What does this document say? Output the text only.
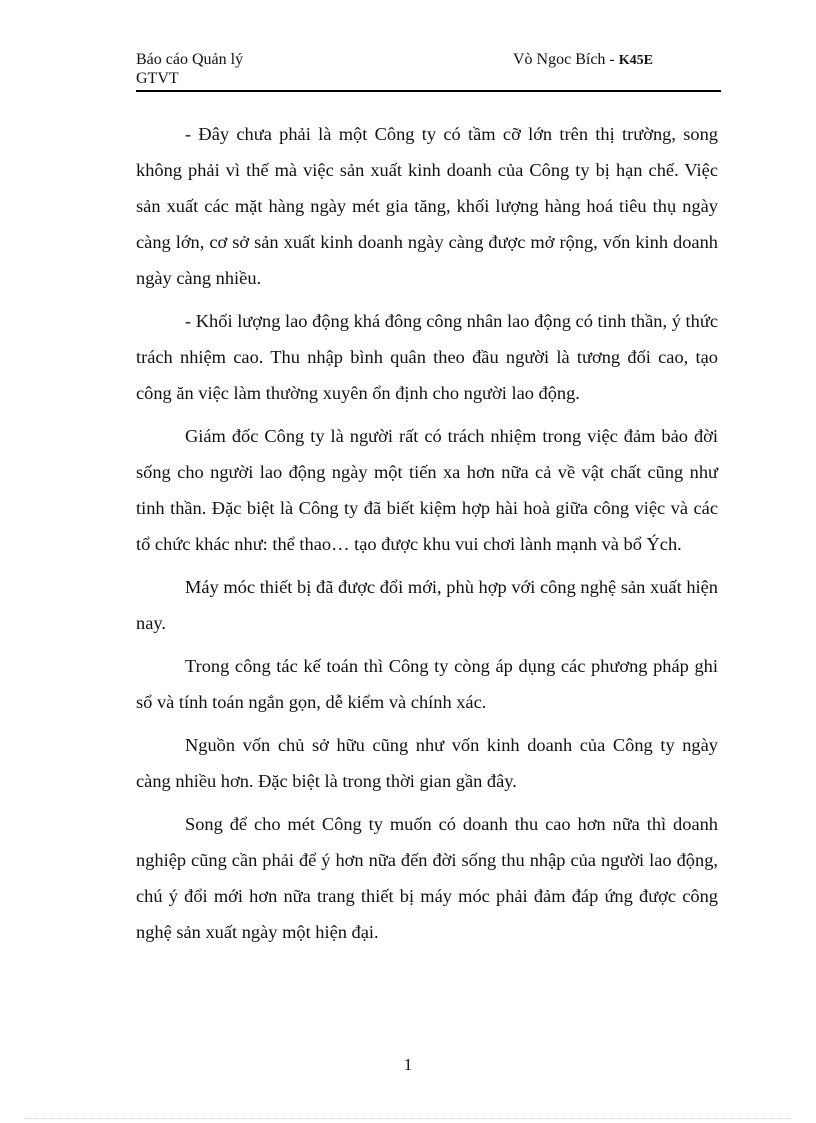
Báo cáo Quản lý
GTVT
Vò Ngoc Bích - K45E

- Đây chưa phải là một Công ty có tầm cỡ lớn trên thị trường, song không phải vì thế mà việc sản xuất kinh doanh của Công ty bị hạn chế. Việc sản xuất các mặt hàng ngày mét gia tăng, khối lượng hàng hoá tiêu thụ ngày càng lớn, cơ sở sản xuất kinh doanh ngày càng được mở rộng, vốn kinh doanh ngày càng nhiều.

- Khối lượng lao động khá đông công nhân lao động có tinh thần, ý thức trách nhiệm cao. Thu nhập bình quân theo đầu người là tương đối cao, tạo công ăn việc làm thường xuyên ổn định cho người lao động.

Giám đốc Công ty là người rất có trách nhiệm trong việc đảm bảo đời sống cho người lao động ngày một tiến xa hơn nữa cả về vật chất cũng như tinh thần. Đặc biệt là Công ty đã biết kiệm hợp hài hoà giữa công việc và các tổ chức khác như: thể thao… tạo được khu vui chơi lành mạnh và bổ Ých.

Máy móc thiết bị đã được đổi mới, phù hợp với công nghệ sản xuất hiện nay.

Trong công tác kế toán thì Công ty còng áp dụng các phương pháp ghi sổ và tính toán ngắn gọn, dễ kiểm và chính xác.

Nguồn vốn chủ sở hữu cũng như vốn kinh doanh của Công ty ngày càng nhiều hơn. Đặc biệt là trong thời gian gần đây.

Song để cho mét Công ty muốn có doanh thu cao hơn nữa thì doanh nghiệp cũng cần phải để ý hơn nữa đến đời sống thu nhập của người lao động, chú ý đổi mới hơn nữa trang thiết bị máy móc phải đảm đáp ứng được công nghệ sản xuất ngày một hiện đại.

1
